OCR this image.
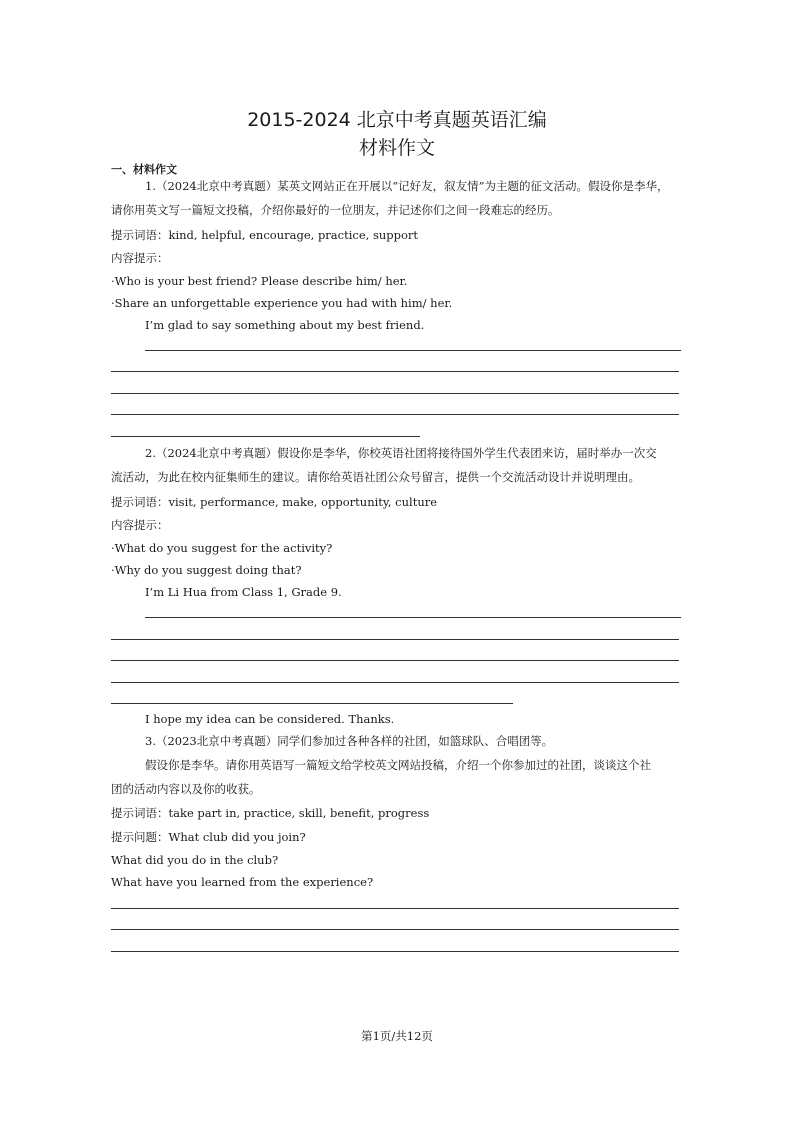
2015-2024 北京中考真题英语汇编
材料作文
一、材料作文
1.（2024北京中考真题）某英文网站正在开展以“记好友，叙友情”为主题的征文活动。假设你是李华，
请你用英文写一篇短文投稿，介绍你最好的一位朋友，并记述你们之间一段难忘的经历。
提示词语：kind, helpful, encourage, practice, support
内容提示：
·Who is your best friend? Please describe him/ her.
·Share an unforgettable experience you had with him/ her.
I’m glad to say something about my best friend.
2.（2024北京中考真题）假设你是李华，你校英语社团将接待国外学生代表团来访，届时举办一次交
流活动，为此在校内征集师生的建议。请你给英语社团公众号留言，提供一个交流活动设计并说明理由。
提示词语：visit, performance, make, opportunity, culture
内容提示：
·What do you suggest for the activity?
·Why do you suggest doing that?
I’m Li Hua from Class 1, Grade 9.
I hope my idea can be considered. Thanks.
3.（2023北京中考真题）同学们参加过各种各样的社团，如篮球队、合唱团等。
假设你是李华。请你用英语写一篇短文给学校英文网站投稿，介绍一个你参加过的社团，谈谈这个社
团的活动内容以及你的收获。
提示词语：take part in, practice, skill, benefit, progress
提示问题：What club did you join?
What did you do in the club?
What have you learned from the experience?
第1页/共12页
